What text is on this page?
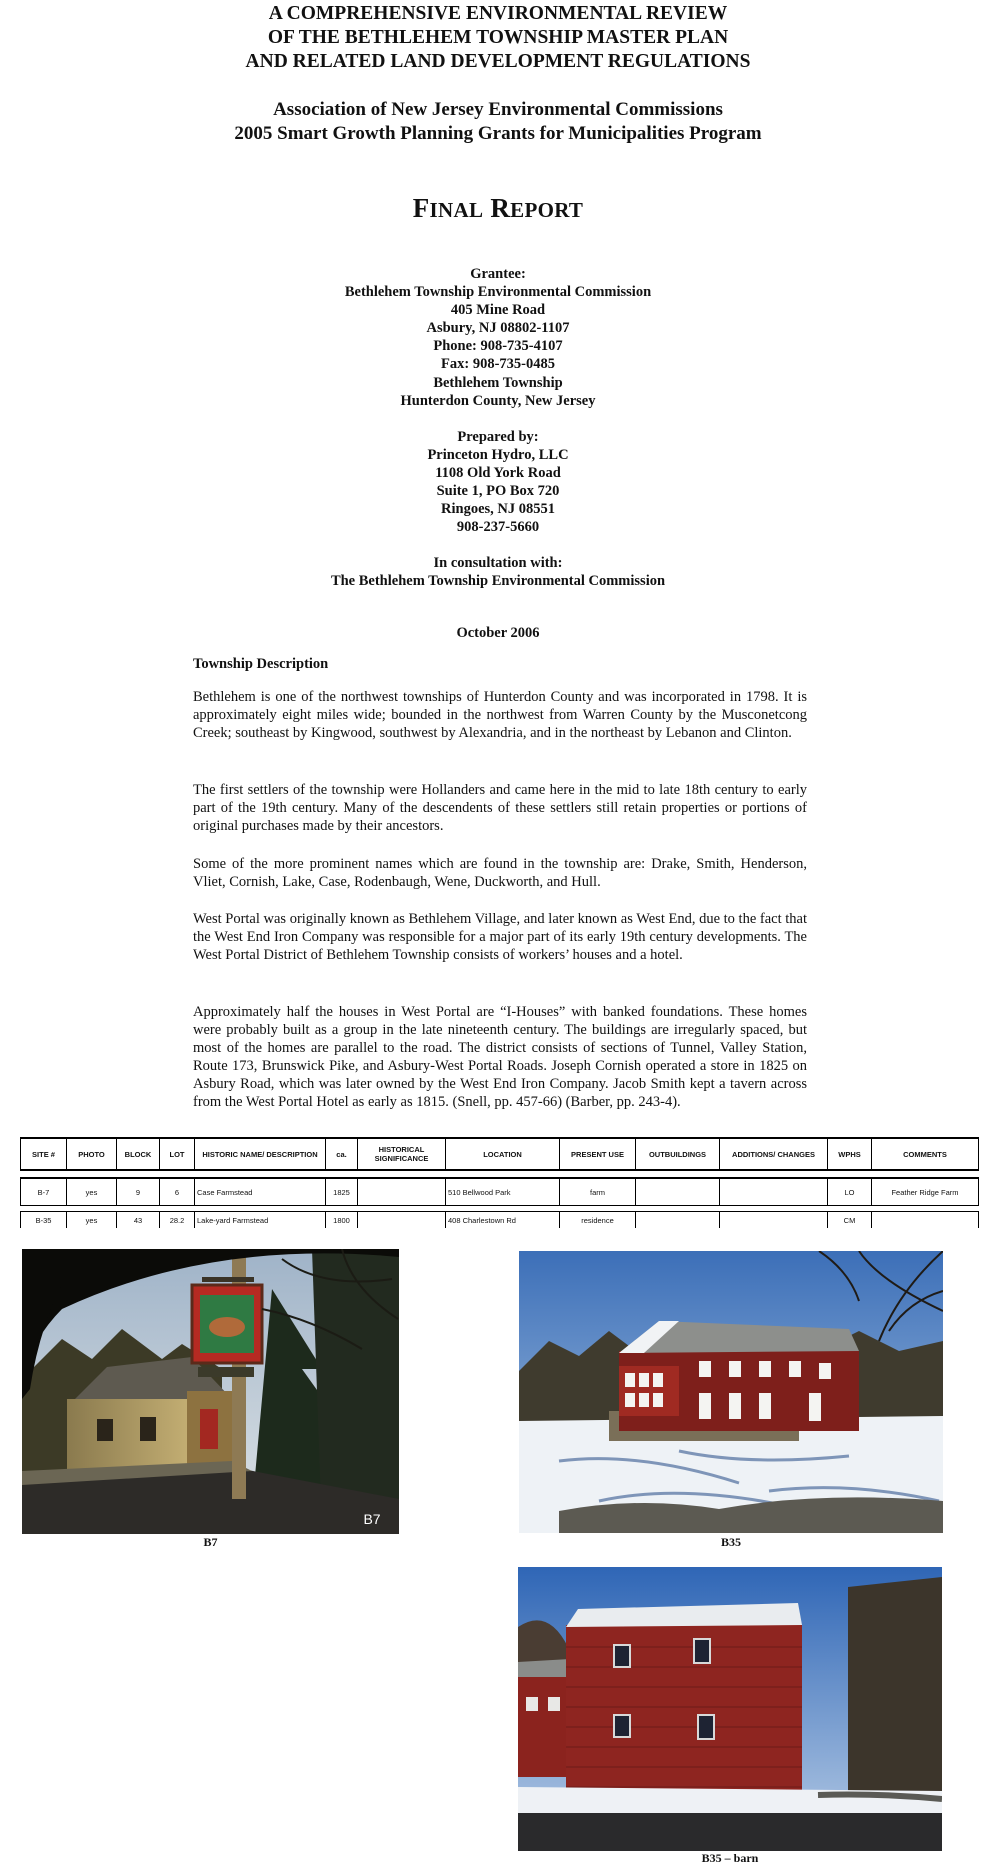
A COMPREHENSIVE ENVIRONMENTAL REVIEW
OF THE BETHLEHEM TOWNSHIP MASTER PLAN
AND RELATED LAND DEVELOPMENT REGULATIONS
Association of New Jersey Environmental Commissions
2005 Smart Growth Planning Grants for Municipalities Program
FINAL REPORT
Grantee:
Bethlehem Township Environmental Commission
405 Mine Road
Asbury, NJ 08802-1107
Phone: 908-735-4107
Fax: 908-735-0485
Bethlehem Township
Hunterdon County, New Jersey
Prepared by:
Princeton Hydro, LLC
1108 Old York Road
Suite 1, PO Box 720
Ringoes, NJ 08551
908-237-5660
In consultation with:
The Bethlehem Township Environmental Commission
October 2006
Township Description

Bethlehem is one of the northwest townships of Hunterdon County and was incorporated in 1798. It is approximately eight miles wide; bounded in the northwest from Warren County by the Musconetcong Creek; southeast by Kingwood, southwest by Alexandria, and in the northeast by Lebanon and Clinton.

The first settlers of the township were Hollanders and came here in the mid to late 18th century to early part of the 19th century. Many of the descendents of these settlers still retain properties or portions of original purchases made by their ancestors.

Some of the more prominent names which are found in the township are: Drake, Smith, Henderson, Vliet, Cornish, Lake, Case, Rodenbaugh, Wene, Duckworth, and Hull.

West Portal was originally known as Bethlehem Village, and later known as West End, due to the fact that the West End Iron Company was responsible for a major part of its early 19th century developments. The West Portal District of Bethlehem Township consists of workers’ houses and a hotel.

Approximately half the houses in West Portal are “I-Houses” with banked foundations. These homes were probably built as a group in the late nineteenth century. The buildings are irregularly spaced, but most of the homes are parallel to the road. The district consists of sections of Tunnel, Valley Station, Route 173, Brunswick Pike, and Asbury-West Portal Roads. Joseph Cornish operated a store in 1825 on Asbury Road, which was later owned by the West End Iron Company. Jacob Smith kept a tavern across from the West Portal Hotel as early as 1815. (Snell, pp. 457-66) (Barber, pp. 243-4).

SITE #	PHOTO	BLOCK	LOT	HISTORIC NAME/ DESCRIPTION	ca.	HISTORICAL SIGNIFICANCE	LOCATION	PRESENT USE	OUTBUILDINGS	ADDITIONS/ CHANGES	WPHS	COMMENTS
B-7	yes	9	6	Case Farmstead	1825		510 Bellwood Park	farm			LO	Feather Ridge Farm
B-35	yes	43	28.2	Lake-yard Farmstead	1800		408 Charlestown Rd	residence			CM	
B7
B7	B35
B35 – barn
